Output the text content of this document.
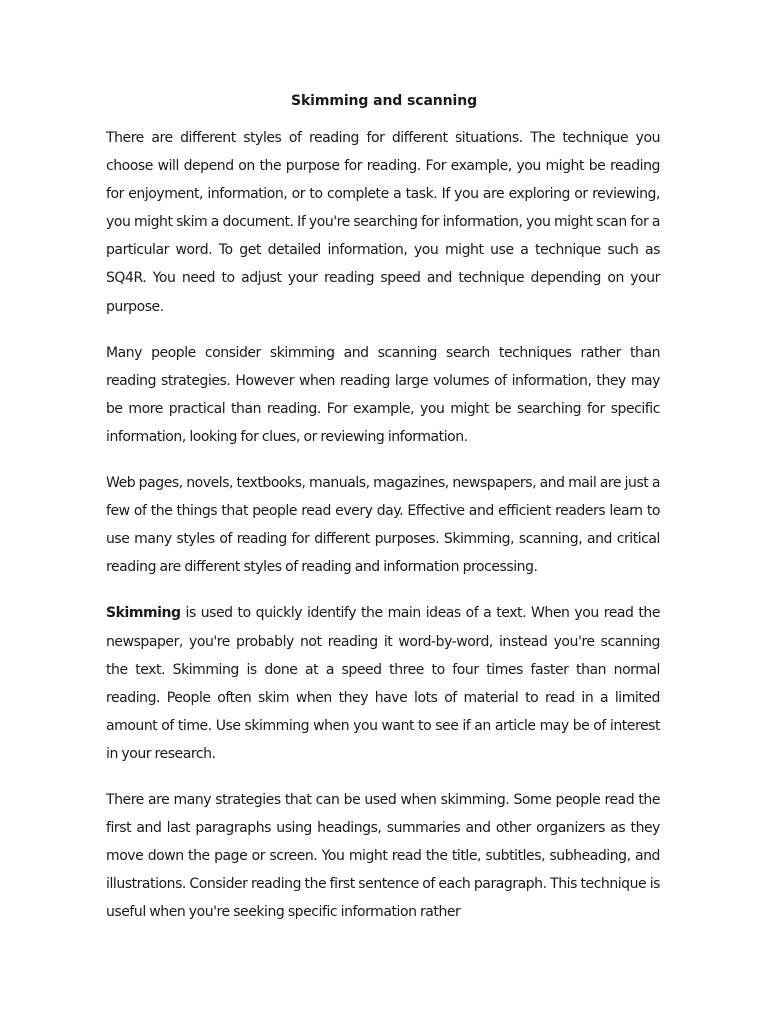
Skimming and scanning

There are different styles of reading for different situations. The technique you choose will depend on the purpose for reading. For example, you might be reading for enjoyment, information, or to complete a task. If you are exploring or reviewing, you might skim a document. If you're searching for information, you might scan for a particular word. To get detailed information, you might use a technique such as SQ4R. You need to adjust your reading speed and technique depending on your purpose.

Many people consider skimming and scanning search techniques rather than reading strategies. However when reading large volumes of information, they may be more practical than reading. For example, you might be searching for specific information, looking for clues, or reviewing information.

Web pages, novels, textbooks, manuals, magazines, newspapers, and mail are just a few of the things that people read every day. Effective and efficient readers learn to use many styles of reading for different purposes. Skimming, scanning, and critical reading are different styles of reading and information processing.

Skimming is used to quickly identify the main ideas of a text. When you read the newspaper, you're probably not reading it word-by-word, instead you're scanning the text. Skimming is done at a speed three to four times faster than normal reading. People often skim when they have lots of material to read in a limited amount of time. Use skimming when you want to see if an article may be of interest in your research.

There are many strategies that can be used when skimming. Some people read the first and last paragraphs using headings, summaries and other organizers as they move down the page or screen. You might read the title, subtitles, subheading, and illustrations. Consider reading the first sentence of each paragraph. This technique is useful when you're seeking specific information rather
